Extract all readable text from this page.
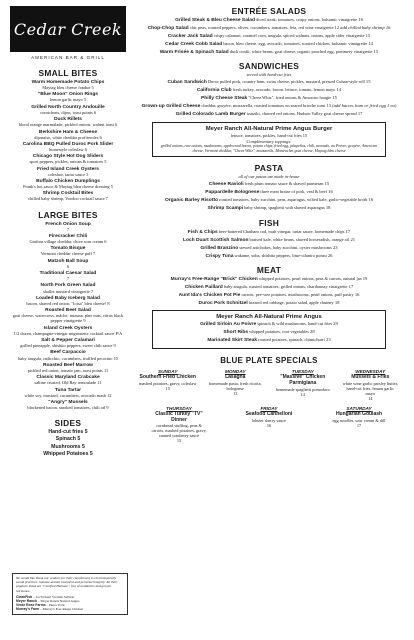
Cedar Creek
AMERICAN BAR & GRILL
SMALL BITES
Warm Homemade Potato Chips
Maytag bleu cheese fondue 5
"Blue Moon" Onion Rings
lemon garlic mayo 5
Grilled North Country Andouille
cornichons, dijon, toast points 6
Duck Rillets
blood orange marmalade, pickled onions, walnut toast 6
Berkshire Ham & Cheese
dijonaise, white cheddar profiteroles 6
Carolina BBQ Pulled Duroc Pork Slider
homestyle coleslaw 6
Chicago Style Hot Dog Sliders
sport peppers, pickles, onions & tomatoes 5
Fried Island Creek Oysters
coleslaw, tartar sauce 5
Buffalo Chicken Dumplings
Frank's hot sauce & Maytag bleu cheese dressing 5
Shrimp Cocktail Bites
chilled baby shrimp, Voodoo cocktail sauce 7
LARGE BITES
French Onion Soup
7
Firecracker Chili
Grafton village cheddar, chive sour cream 6
Tomato Bisque
Vermont cheddar cheese puff 7
Matzoh Ball Soup
6
Traditional Caesar Salad
7
North Fork Green Salad
shallot mustard vinaigrette 7
Loaded Baby Iceberg Salad
bacon, shaved red onion, "Iotsa" bleu cheese! 8
Roasted Beet Salad
goat cheese, watercress, mâche, mizuna, pine nuts, citrus black pepper vinaigrette 9
Island Creek Oysters
1/2 dozen, champagne-vinegar mignonette cocktail sauce P/A
Salt & Pepper Calamari
grilled pineapple, shishito peppers, sweet chili sauce 9
Beef Carpaccio
baby arugula, radicchio, cucumbers, truffled pecorino 10
Roasted Beef Marrow
pickled red onion, tomato jam, toast points 11
Classic Maryland Crabcake
saltine crusted, Old Bay remoulade 11
Tuna Tartar
white soy, mustard, cucumbers, avocado mash 12
"Angry" Mussels
blackened bacon, smoked tomatoes, chili oil 9
SIDES
Hand-cut fries 5
Spinach 5
Mushrooms 5
Whipped Potatoes 5
We would like thank our vendors for their commitment to environmentally sound practices, humane animal treatment and personal integrity. All their products listed are "Certified Humane", free of antibiotics and growth hormones.
CleanFish – Loch Duart Scottish Salmon
Meyer Ranch – Meyer Ranch Natural Angus
Verde Rose Farms – Duroc Pork
Murray's Farm – Murray's Free Range Chicken
ENTRÉE SALADS
Grilled Steak & Bleu Cheese Salad diced steak, tomatoes, crispy onions, balsamic vinaigrette 16
Chop-Chop Salad chic peas, roasted peppers, olives, cucumbers, tomatoes, feta, red wine vinaigrette 12 add chilled baby shrimp 16
Cracker Jack Salad crispy calamari, caramel corn, arugula, spiced walnuts, onions, apple cider vinaigrette 15
Cedar Creek Cobb Salad bacon, bleu cheese, egg, avocado, tomatoes, roasted chicken, balsamic vinaigrette 14
Warm Frisée & Spinach Salad duck confit, white beans, goat cheese, organic poached egg, pommery vinaigrette 15
SANDWICHES
served with hand-cut fries
Cuban Sandwich Duroc pulled pork, country ham, swiss cheese, pickles, mustard, pressed Cuban-style roll 15
California Club fresh turkey, avocado, bacon, lettuce, tomato, lemon mayo 14
Philly Cheese Steak "Cheez Whiz", fried onions & Amoroso hoagie 15
Grown-up Grilled Cheese cheddar, gruyère, mozzarella, roasted tomatoes on seared brioche toast 13 (add bacon, ham or fried egg 1 ea)
Grilled Colorado Lamb Burger tzatziki, charred red onions, Hudson Valley goat cheese spread 17
Meyer Ranch All-Natural Prime Angus Burger
lettuce, tomatoes, pickles, hand-cut fries 15
Complimentary toppings:
grilled onions, raw onions, mushrooms, applewood bacon, potato chips, fried egg, jalapeños, chili, avocado, au Poivre, gruyère, American cheese, Vermont cheddar, "Cheez Whiz", mozzarella, Montrachet goat cheese, Maytag bleu cheese
PASTA
all of our pastas are made in-house
Cheese Ravioli fresh plum tomato sauce & shaved parmesan 15
Pappardelle Bolognese three meat braise of pork, veal & beef 16
Organic Barley Risotto roasted tomatoes, baby zucchini, peas, asparagus, wilted kale, garlic-vegetable broth 16
Shrimp Scampi baby shrimp, spaghetti with shaved asparagus 18
FISH
Fish & Chips beer-battered Chatham cod, malt vinegar, tartar sauce, homemade chips 17
Loch Duart Scottish Salmon braised kale, white beans, shaved horseradish, orange oil 21
Grilled Branzino stewed artichokes, baby zucchini, oyster mushrooms 23
Crispy Tuna wakame, soba, shishito peppers, lime-cilantro ponzu 26
MEAT
Murray's Free-Range "Brick" Chicken whipped potatoes, pearl onions, peas & carrots, natural jus 19
Chicken Paillard baby arugula, roasted tomatoes, grilled onions, chardonnay vinaigrette 17
Aunt Ida's Chicken Pot Pie carrots, pee-wee potatoes, mushrooms, pearl onions, puff pastry 16
Duroc Pork Schnitzel braised red cabbage, potato salad, apple chutney 18
Meyer Ranch All-Natural Prime Angus
Grilled Sirloin Au Poivre spinach & wild mushrooms, hand-cut fries 29
Short Ribs whipped potatoes, root vegetables 28
Marinated Skirt Steak roasted potatoes, spinach, chimichurri 23
BLUE PLATE SPECIALS
SUNDAY
Southern Fried Chicken
mashed potatoes, gravy, coleslaw
15
MONDAY
Lasagna
homemade pasta, fresh ricotta, bolognese
13
TUESDAY
"Massive" Chicken Parmigiana
homemade spaghetti pomodoro
14
WEDNESDAY
Mussels & Fries
white wine garlic parsley butter, hand-cut fries, lemon garlic mayo
14
THURSDAY
Classic Turkey "TV" Dinner
cornbread stuffing, peas & carrots, mashed potatoes, gravy, canned cranberry sauce
15
FRIDAY
Seafood Cannelloni
lobster sherry sauce
16
SATURDAY
Hungarian Goulash
egg noodles, sour cream & dill
17
